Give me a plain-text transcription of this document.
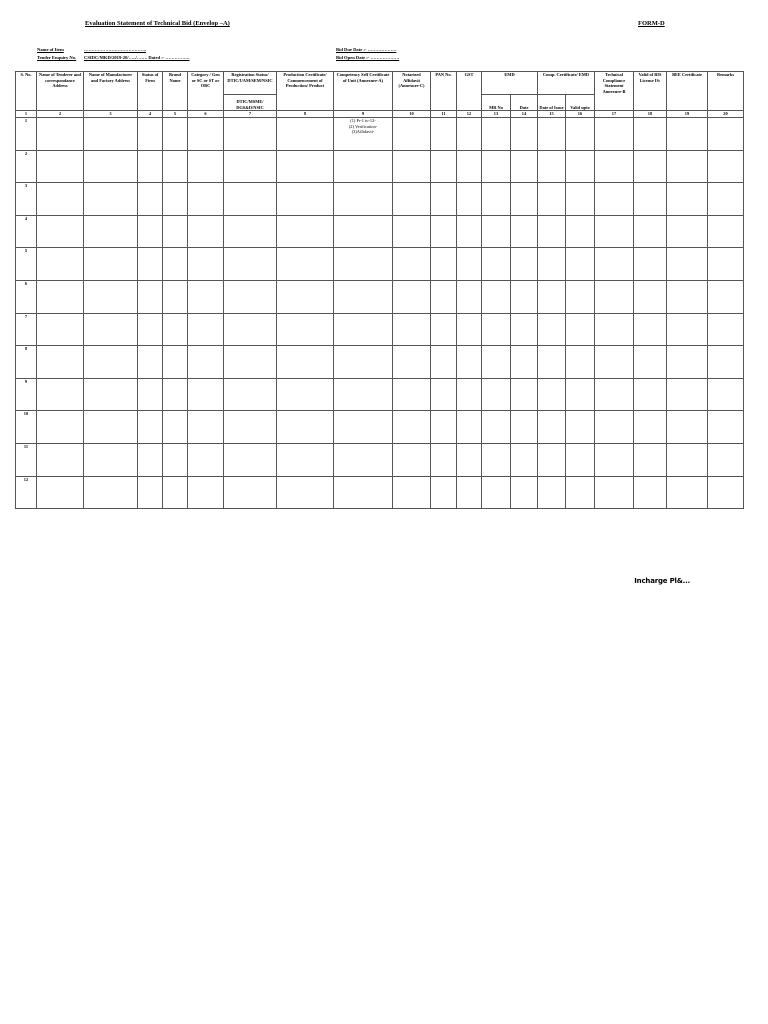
Evaluation Statement of Technical Bid (Envelop –A)	FORM-D
Name of Item	…………………………………..
Tender Enquiry No. CSIDC/MKD/2019-20/…../……. Dated :- …………….
Bid Due Date :- ……………….
Bid Open Date :- ……………….
S. No.	Name of Tenderer and correspondance Address	Name of Manufacturer and Factory Address	Status of Firm	Brand Name	Category / Gen or SC or ST or OBC	Registration Status/ DTIC/UAM/SEM/NSIC	Production Certificate/ Commencement of Production/ Product	Competency Self Certificate of Unit (Annexure-A)	Notarized Affidavit (Annexure-C)	PAN No.	GST	EMD		Comp. Certificate/ EMD		Technical Compliance Statement Annexure-B	Valid of BIS License IS:	BEE Certificate	Remarks
						DTIC/MSME/ DGS&D/NSIC						MR No	Date	Date of Issue	Valid upto				
1	2	3	4	5	6	7	8	9	10	11	12	13	14	15	16	17	18	19	20
1								(1) Pr-1 to-12-
(2) Verification-
(3)Affidavit-											

2																			
3																			
4																			
5																			
6																			
7																			
8																			
9																			
10																			
11																			
12																			
Incharge Pl&...
